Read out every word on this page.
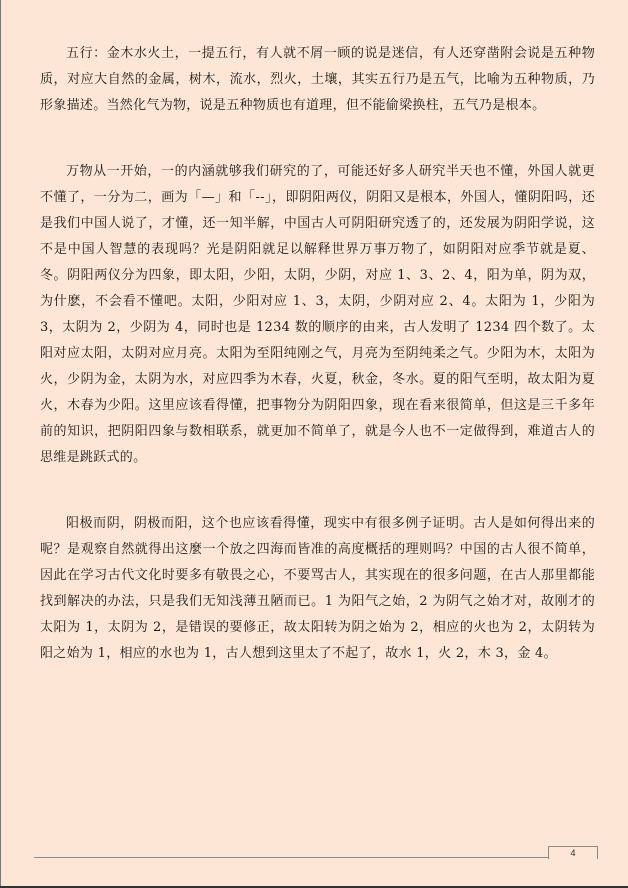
五行：金木水火土，一提五行，有人就不屑一顾的说是迷信，有人还穿凿附会说是五种物质，对应大自然的金属，树木，流水，烈火，土壤，其实五行乃是五气，比喻为五种物质，乃形象描述。当然化气为物，说是五种物质也有道理，但不能偷梁换柱，五气乃是根本。

万物从一开始，一的内涵就够我们研究的了，可能还好多人研究半天也不懂，外国人就更不懂了，一分为二，画为「—」和「--」，即阴阳两仪，阴阳又是根本，外国人，懂阴阳吗，还是我们中国人说了，才懂，还一知半解，中国古人可阴阳研究透了的，还发展为阴阳学说，这不是中国人智慧的表现吗？光是阴阳就足以解释世界万事万物了，如阴阳对应季节就是夏、冬。阴阳两仪分为四象，即太阳，少阳，太阴，少阴，对应 1、3、2、4，阳为单，阴为双，为什麽，不会看不懂吧。太阳，少阳对应 1、3，太阴，少阴对应 2、4。太阳为 1，少阳为 3，太阴为 2，少阴为 4，同时也是 1234 数的顺序的由来，古人发明了 1234 四个数了。太阳对应太阳，太阴对应月亮。太阳为至阳纯刚之气，月亮为至阴纯柔之气。少阳为木，太阳为火，少阴为金，太阴为水，对应四季为木春，火夏，秋金，冬水。夏的阳气至明，故太阳为夏火，木春为少阳。这里应该看得懂，把事物分为阴阳四象，现在看来很简单，但这是三千多年前的知识，把阴阳四象与数相联系，就更加不简单了，就是今人也不一定做得到，难道古人的思维是跳跃式的。

阳极而阴，阴极而阳，这个也应该看得懂，现实中有很多例子证明。古人是如何得出来的呢？是观察自然就得出这麼一个放之四海而皆准的高度概括的理则吗？中国的古人很不简单，因此在学习古代文化时要多有敬畏之心，不要骂古人，其实现在的很多问题，在古人那里都能找到解决的办法，只是我们无知浅薄丑陋而已。1 为阳气之始，2 为阴气之始才对，故刚才的太阳为 1，太阴为 2，是错误的要修正，故太阳转为阴之始为 2，相应的火也为 2，太阴转为阳之始为 1，相应的水也为 1，古人想到这里太了不起了，故水 1，火 2，木 3，金 4。

4
